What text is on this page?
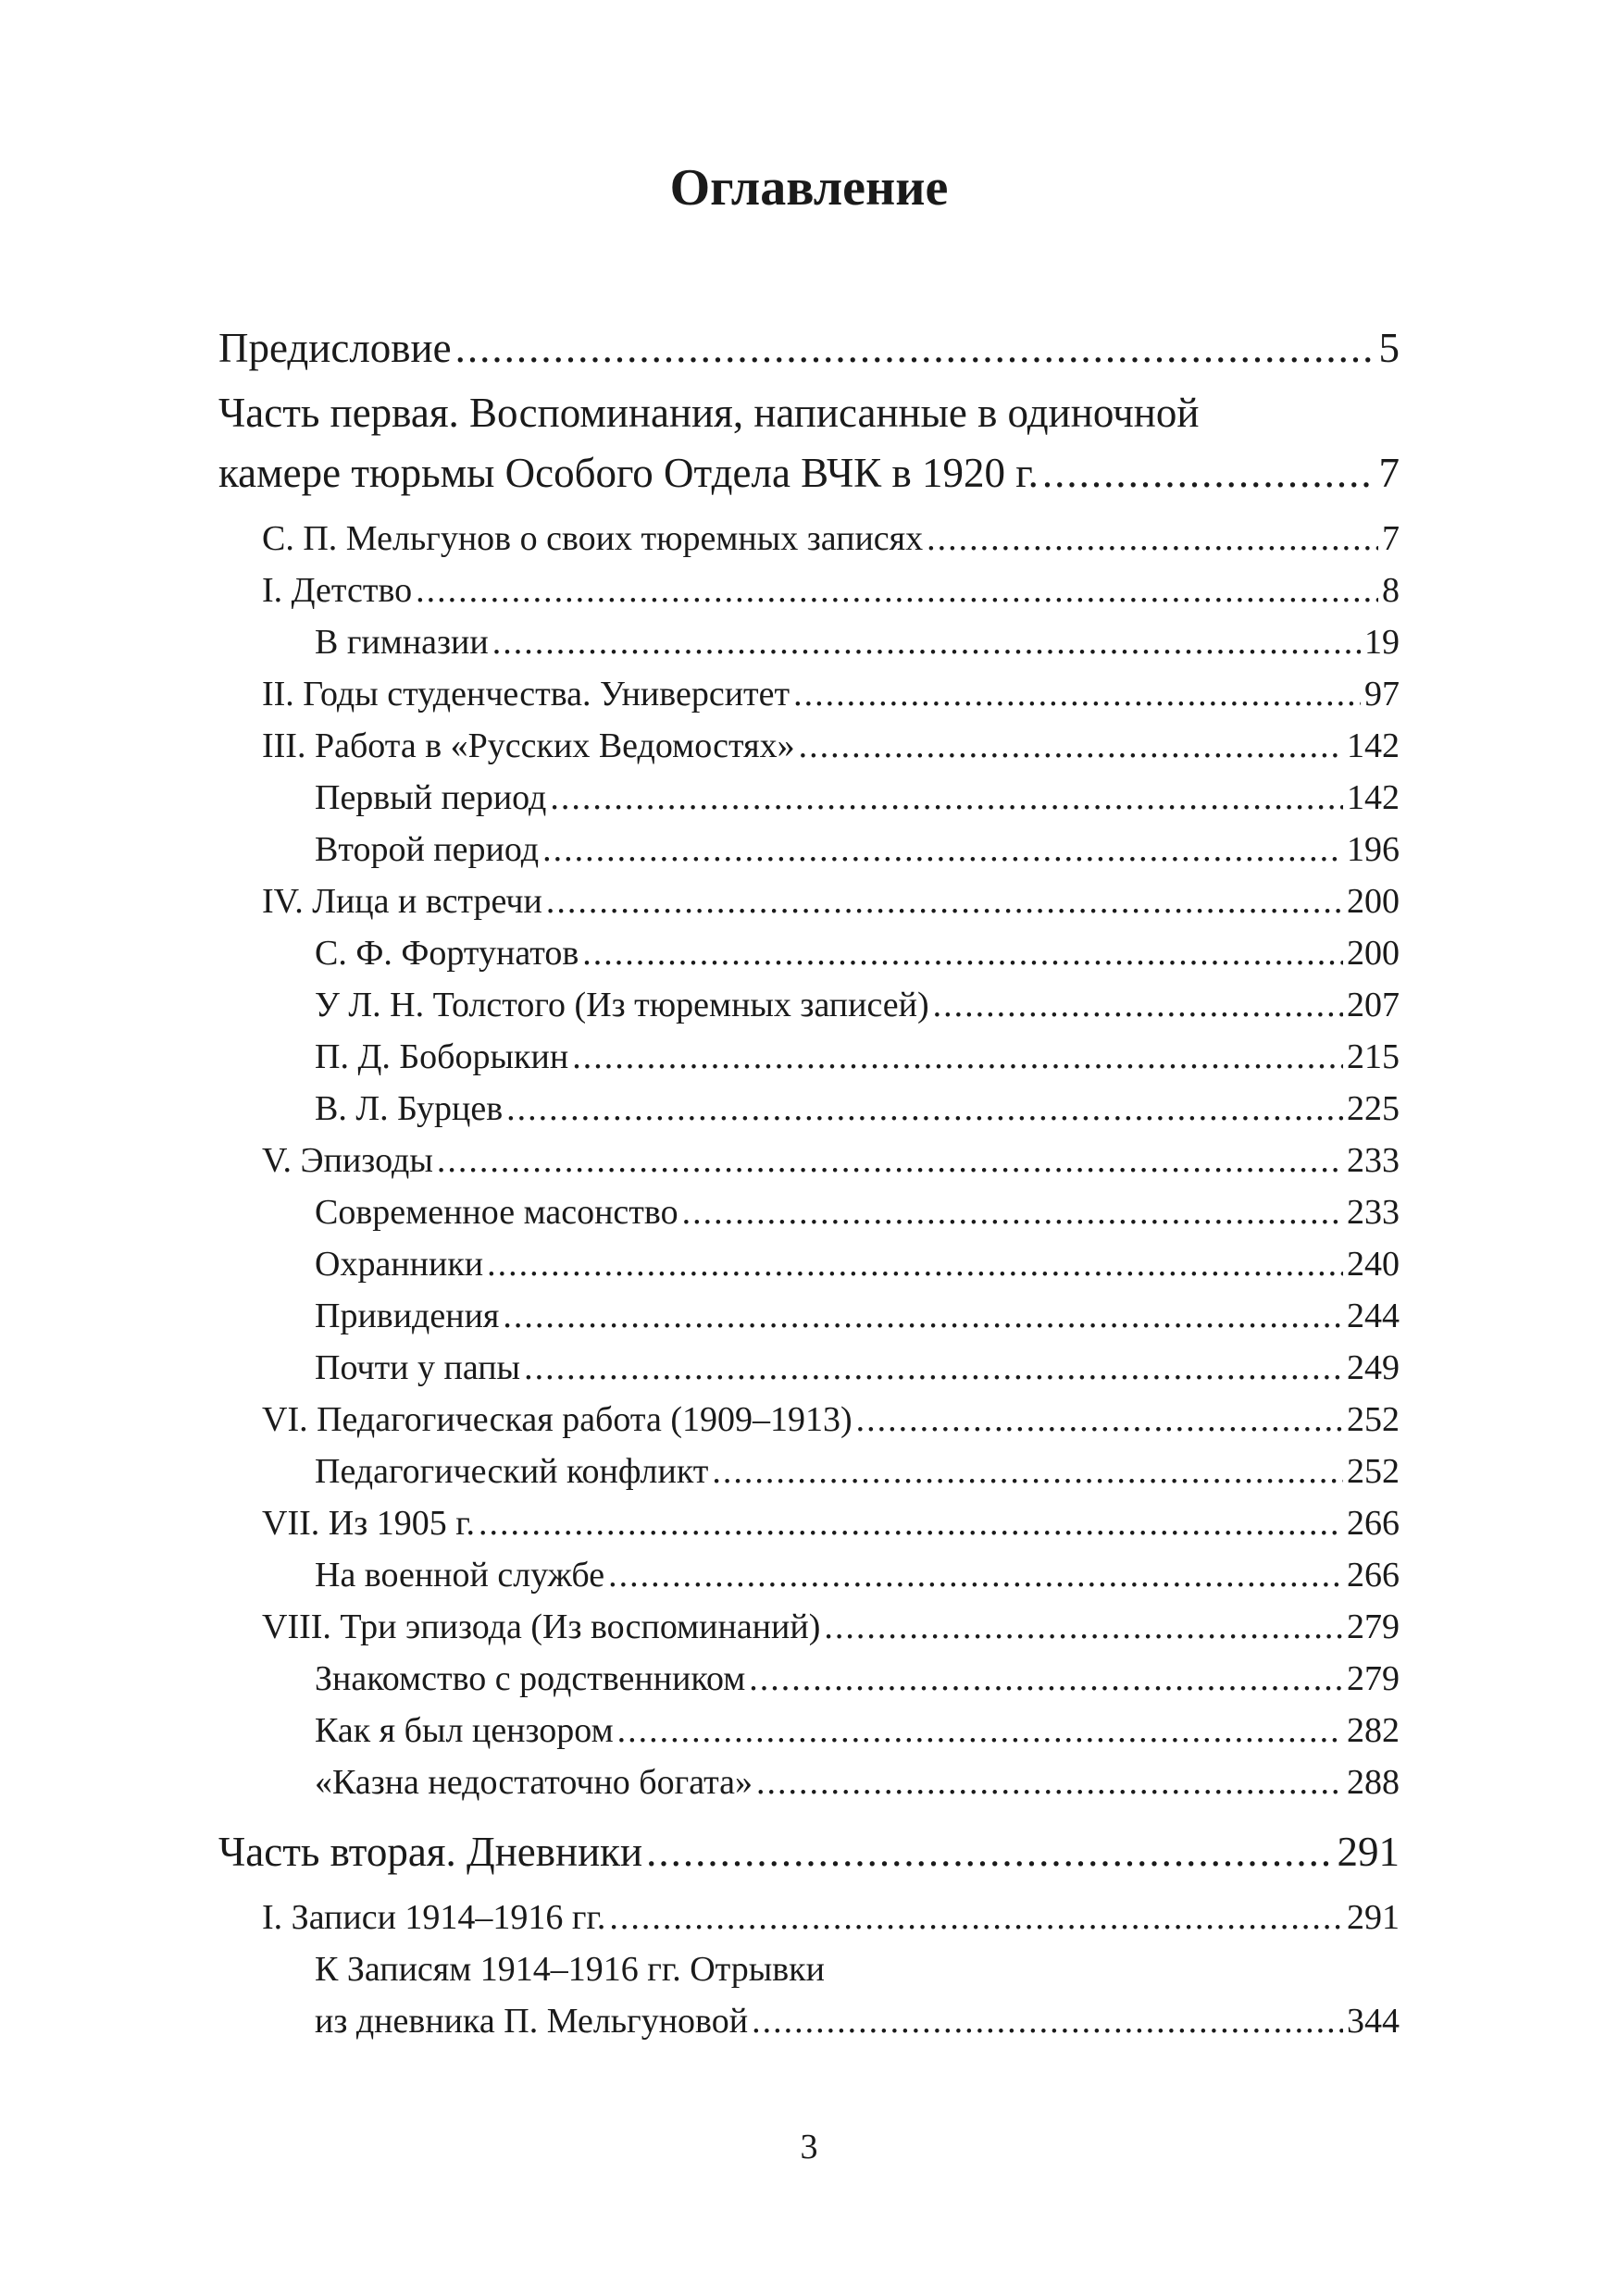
Оглавление
Предисловие .....	5
Часть первая. Воспоминания, написанные в одиночной
камере тюрьмы Особого Отдела ВЧК в 1920 г. .....	7
С. П. Мельгунов о своих тюремных записях .....	7
I. Детство .....	8
В гимназии .....	19
II. Годы студенчества. Университет .....	97
III. Работа в «Русских Ведомостях» .....	142
Первый период .....	142
Второй период .....	196
IV. Лица и встречи .....	200
С. Ф. Фортунатов .....	200
У Л. Н. Толстого (Из тюремных записей) .....	207
П. Д. Боборыкин .....	215
В. Л. Бурцев .....	225
V. Эпизоды .....	233
Современное масонство .....	233
Охранники .....	240
Привидения .....	244
Почти у папы .....	249
VI. Педагогическая работа (1909–1913) .....	252
Педагогический конфликт .....	252
VII. Из 1905 г. .....	266
На военной службе .....	266
VIII. Три эпизода (Из воспоминаний) .....	279
Знакомство с родственником .....	279
Как я был цензором .....	282
«Казна недостаточно богата» .....	288
Часть вторая. Дневники .....	291
I. Записи 1914–1916 гг. .....	291
К Записям 1914–1916 гг. Отрывки
из дневника П. Мельгуновой .....	344
3
